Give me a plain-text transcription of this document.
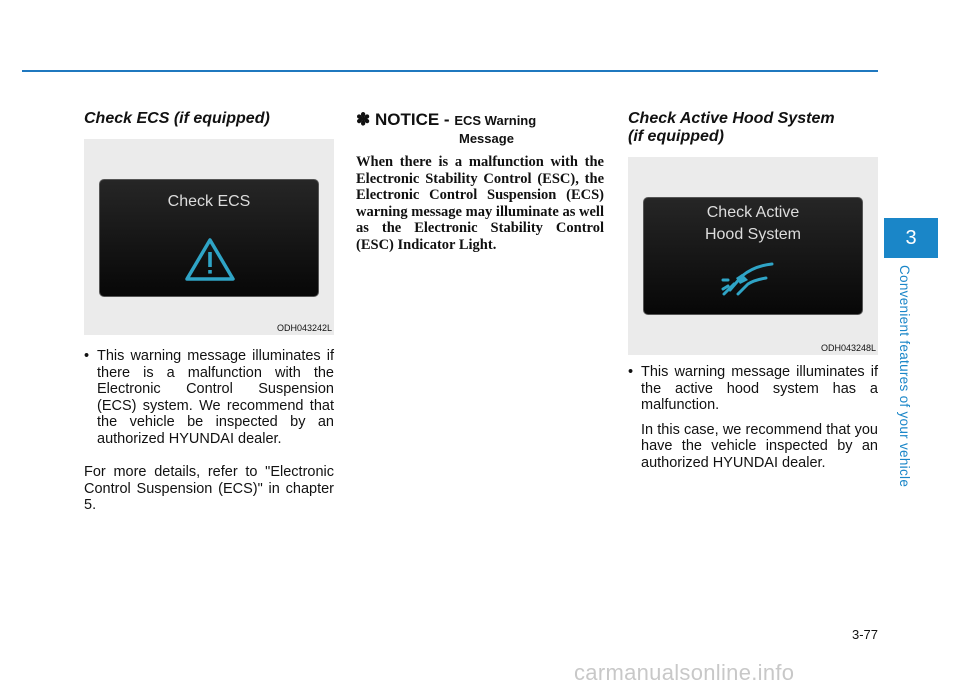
Check ECS (if equipped)

Check ECS
ODH043242L

• This warning message illuminates if there is a malfunction with the Electronic Control Suspension (ECS) system. We recommend that the vehicle be inspected by an authorized HYUNDAI dealer.

For more details, refer to "Electronic Control Suspension (ECS)" in chapter 5.

✽ NOTICE - ECS Warning

Message

When there is a malfunction with the Electronic Stability Control (ESC), the Electronic Control Suspension (ECS) warning message may illuminate as well as the Electronic Stability Control (ESC) Indicator Light.

Check Active Hood System

(if equipped)

Check Active
Hood System
ODH043248L

• This warning message illuminates if the active hood system has a malfunction.

In this case, we recommend that you have the vehicle inspected by an authorized HYUNDAI dealer.

3
Convenient features of your vehicle
3-77
carmanualsonline.info
